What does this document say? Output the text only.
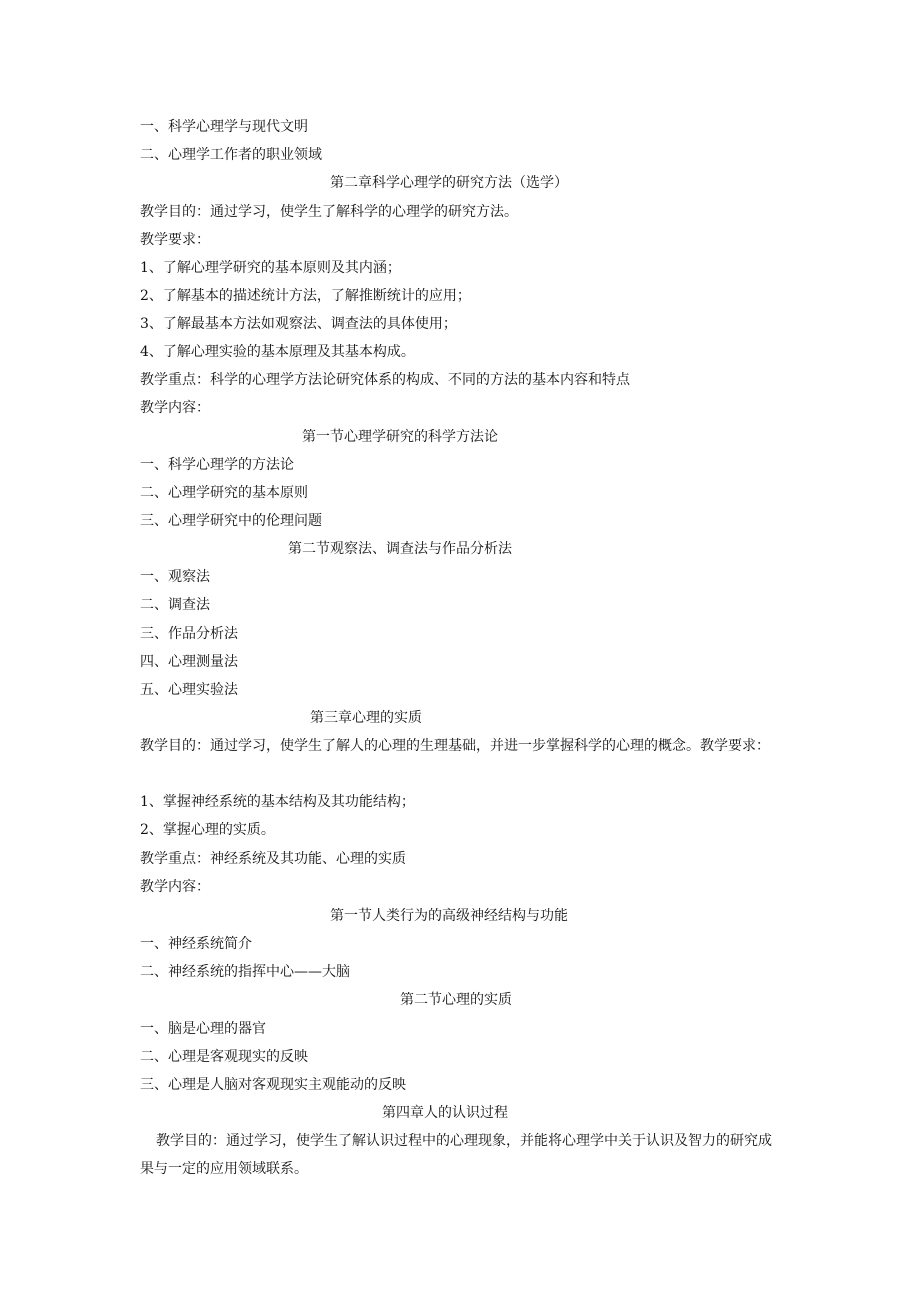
一、科学心理学与现代文明
二、心理学工作者的职业领域
第二章科学心理学的研究方法（选学）
教学目的：通过学习，使学生了解科学的心理学的研究方法。
教学要求：
1、了解心理学研究的基本原则及其内涵；
2、了解基本的描述统计方法，了解推断统计的应用；
3、了解最基本方法如观察法、调查法的具体使用；
4、了解心理实验的基本原理及其基本构成。
教学重点：科学的心理学方法论研究体系的构成、不同的方法的基本内容和特点
教学内容：
第一节心理学研究的科学方法论
一、科学心理学的方法论
二、心理学研究的基本原则
三、心理学研究中的伦理问题
第二节观察法、调查法与作品分析法
一、观察法
二、调查法
三、作品分析法
四、心理测量法
五、心理实验法
第三章心理的实质
教学目的：通过学习，使学生了解人的心理的生理基础，并进一步掌握科学的心理的概念。教学要求：
1、掌握神经系统的基本结构及其功能结构；
2、掌握心理的实质。
教学重点：神经系统及其功能、心理的实质
教学内容：
第一节人类行为的高级神经结构与功能
一、神经系统简介
二、神经系统的指挥中心——大脑
第二节心理的实质
一、脑是心理的器官
二、心理是客观现实的反映
三、心理是人脑对客观现实主观能动的反映
第四章人的认识过程
教学目的：通过学习，使学生了解认识过程中的心理现象，并能将心理学中关于认识及智力的研究成果与一定的应用领域联系。
